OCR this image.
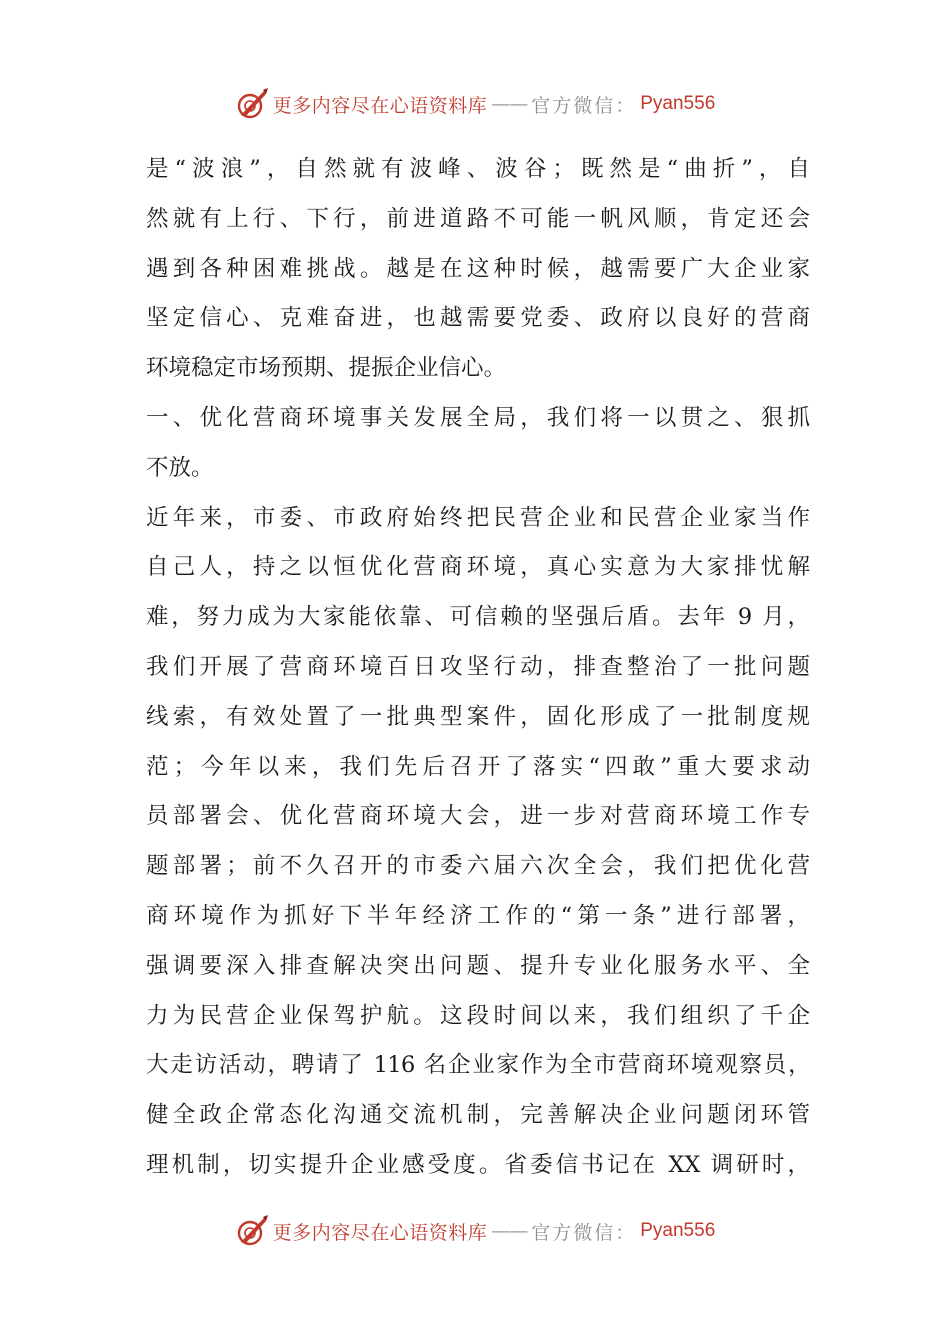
更多内容尽在心语资料库 —— 官方微信： Pyan556
是“波浪”，自然就有波峰、波谷；既然是“曲折”，自
然就有上行、下行，前进道路不可能一帆风顺，肯定还会
遇到各种困难挑战。越是在这种时候，越需要广大企业家
坚定信心、克难奋进，也越需要党委、政府以良好的营商
环境稳定市场预期、提振企业信心。
一、优化营商环境事关发展全局，我们将一以贯之、狠抓
不放。
近年来，市委、市政府始终把民营企业和民营企业家当作
自己人，持之以恒优化营商环境，真心实意为大家排忧解
难，努力成为大家能依靠、可信赖的坚强后盾。去年 9 月，
我们开展了营商环境百日攻坚行动，排查整治了一批问题
线索，有效处置了一批典型案件，固化形成了一批制度规
范；今年以来，我们先后召开了落实“四敢”重大要求动
员部署会、优化营商环境大会，进一步对营商环境工作专
题部署；前不久召开的市委六届六次全会，我们把优化营
商环境作为抓好下半年经济工作的“第一条”进行部署，
强调要深入排查解决突出问题、提升专业化服务水平、全
力为民营企业保驾护航。这段时间以来，我们组织了千企
大走访活动，聘请了 116 名企业家作为全市营商环境观察员，
健全政企常态化沟通交流机制，完善解决企业问题闭环管
理机制，切实提升企业感受度。省委信书记在 XX 调研时，
更多内容尽在心语资料库 —— 官方微信： Pyan556
